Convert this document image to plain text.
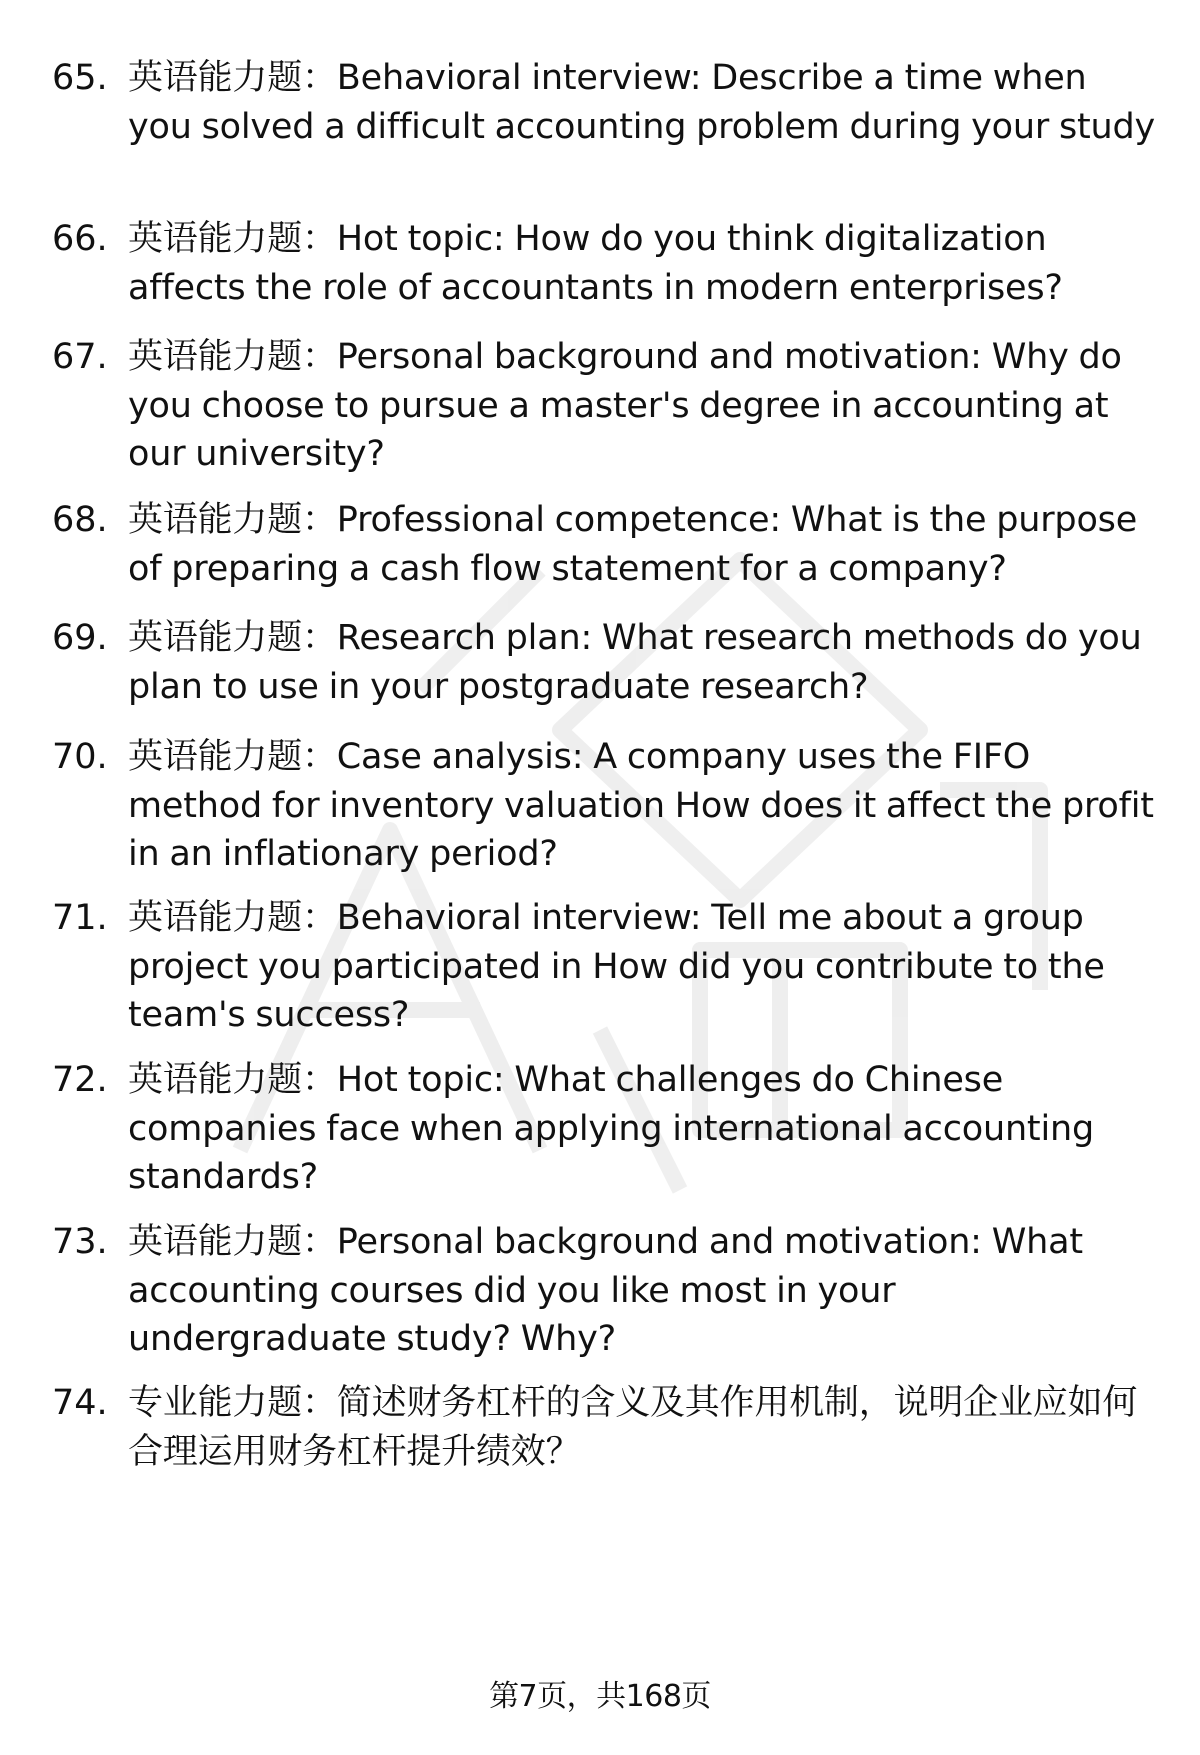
65. 英语能力题：Behavioral interview: Describe a time when you solved a difficult accounting problem during your study
66. 英语能力题：Hot topic: How do you think digitalization affects the role of accountants in modern enterprises?
67. 英语能力题：Personal background and motivation: Why do you choose to pursue a master's degree in accounting at our university?
68. 英语能力题：Professional competence: What is the purpose of preparing a cash flow statement for a company?
69. 英语能力题：Research plan: What research methods do you plan to use in your postgraduate research?
70. 英语能力题：Case analysis: A company uses the FIFO method for inventory valuation How does it affect the profit in an inflationary period?
71. 英语能力题：Behavioral interview: Tell me about a group project you participated in How did you contribute to the team's success?
72. 英语能力题：Hot topic: What challenges do Chinese companies face when applying international accounting standards?
73. 英语能力题：Personal background and motivation: What accounting courses did you like most in your undergraduate study? Why?
74. 专业能力题：简述财务杠杆的含义及其作用机制，说明企业应如何合理运用财务杠杆提升绩效？
第7页，共168页
